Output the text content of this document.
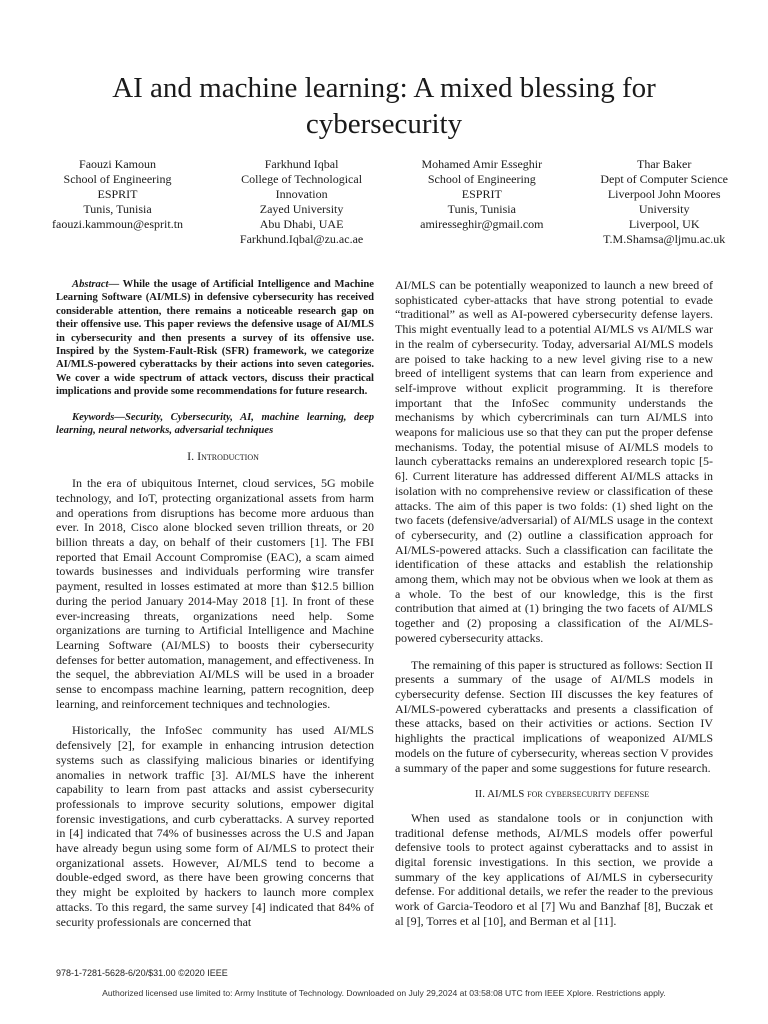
AI and machine learning: A mixed blessing for cybersecurity
Faouzi Kamoun
School of Engineering
ESPRIT
Tunis, Tunisia
faouzi.kammoun@esprit.tn
Farkhund Iqbal
College of Technological
Innovation
Zayed University
Abu Dhabi, UAE
Farkhund.Iqbal@zu.ac.ae
Mohamed Amir Esseghir
School of Engineering
ESPRIT
Tunis, Tunisia
amiresseghir@gmail.com
Thar Baker
Dept of Computer Science
Liverpool John Moores
University
Liverpool, UK
T.M.Shamsa@ljmu.ac.uk

Abstract— While the usage of Artificial Intelligence and Machine Learning Software (AI/MLS) in defensive cybersecurity has received considerable attention, there remains a noticeable research gap on their offensive use. This paper reviews the defensive usage of AI/MLS in cybersecurity and then presents a survey of its offensive use. Inspired by the System-Fault-Risk (SFR) framework, we categorize AI/MLS-powered cyberattacks by their actions into seven categories. We cover a wide spectrum of attack vectors, discuss their practical implications and provide some recommendations for future research.

Keywords—Security, Cybersecurity, AI, machine learning, deep learning, neural networks, adversarial techniques

I. Introduction

In the era of ubiquitous Internet, cloud services, 5G mobile technology, and IoT, protecting organizational assets from harm and operations from disruptions has become more arduous than ever. In 2018, Cisco alone blocked seven trillion threats, or 20 billion threats a day, on behalf of their customers [1]. The FBI reported that Email Account Compromise (EAC), a scam aimed towards businesses and individuals performing wire transfer payment, resulted in losses estimated at more than $12.5 billion during the period January 2014-May 2018 [1]. In front of these ever-increasing threats, organizations need help. Some organizations are turning to Artificial Intelligence and Machine Learning Software (AI/MLS) to boosts their cybersecurity defenses for better automation, management, and effectiveness. In the sequel, the abbreviation AI/MLS will be used in a broader sense to encompass machine learning, pattern recognition, deep learning, and reinforcement techniques and technologies.

Historically, the InfoSec community has used AI/MLS defensively [2], for example in enhancing intrusion detection systems such as classifying malicious binaries or identifying anomalies in network traffic [3]. AI/MLS have the inherent capability to learn from past attacks and assist cybersecurity professionals to improve security solutions, empower digital forensic investigations, and curb cyberattacks. A survey reported in [4] indicated that 74% of businesses across the U.S and Japan have already begun using some form of AI/MLS to protect their organizational assets. However, AI/MLS tend to become a double-edged sword, as there have been growing concerns that they might be exploited by hackers to launch more complex attacks. To this regard, the same survey [4] indicated that 84% of security professionals are concerned that

AI/MLS can be potentially weaponized to launch a new breed of sophisticated cyber-attacks that have strong potential to evade “traditional” as well as AI-powered cybersecurity defense layers. This might eventually lead to a potential AI/MLS vs AI/MLS war in the realm of cybersecurity. Today, adversarial AI/MLS models are poised to take hacking to a new level giving rise to a new breed of intelligent systems that can learn from experience and self-improve without explicit programming. It is therefore important that the InfoSec community understands the mechanisms by which cybercriminals can turn AI/MLS into weapons for malicious use so that they can put the proper defense mechanisms. Today, the potential misuse of AI/MLS models to launch cyberattacks remains an underexplored research topic [5-6]. Current literature has addressed different AI/MLS attacks in isolation with no comprehensive review or classification of these attacks. The aim of this paper is two folds: (1) shed light on the two facets (defensive/adversarial) of AI/MLS usage in the context of cybersecurity, and (2) outline a classification approach for AI/MLS-powered attacks. Such a classification can facilitate the identification of these attacks and establish the relationship among them, which may not be obvious when we look at them as a whole. To the best of our knowledge, this is the first contribution that aimed at (1) bringing the two facets of AI/MLS together and (2) proposing a classification of the AI/MLS-powered cybersecurity attacks.

The remaining of this paper is structured as follows: Section II presents a summary of the usage of AI/MLS models in cybersecurity defense. Section III discusses the key features of AI/MLS-powered cyberattacks and presents a classification of these attacks, based on their activities or actions. Section IV highlights the practical implications of weaponized AI/MLS models on the future of cybersecurity, whereas section V provides a summary of the paper and some suggestions for future research.

II. AI/MLS for cybersecurity defense

When used as standalone tools or in conjunction with traditional defense methods, AI/MLS models offer powerful defensive tools to protect against cyberattacks and to assist in digital forensic investigations. In this section, we provide a summary of the key applications of AI/MLS in cybersecurity defense. For additional details, we refer the reader to the previous work of Garcia-Teodoro et al [7] Wu and Banzhaf [8], Buczak et al [9], Torres et al [10], and Berman et al [11].

978-1-7281-5628-6/20/$31.00 ©2020 IEEE
Authorized licensed use limited to: Army Institute of Technology. Downloaded on July 29,2024 at 03:58:08 UTC from IEEE Xplore. Restrictions apply.
